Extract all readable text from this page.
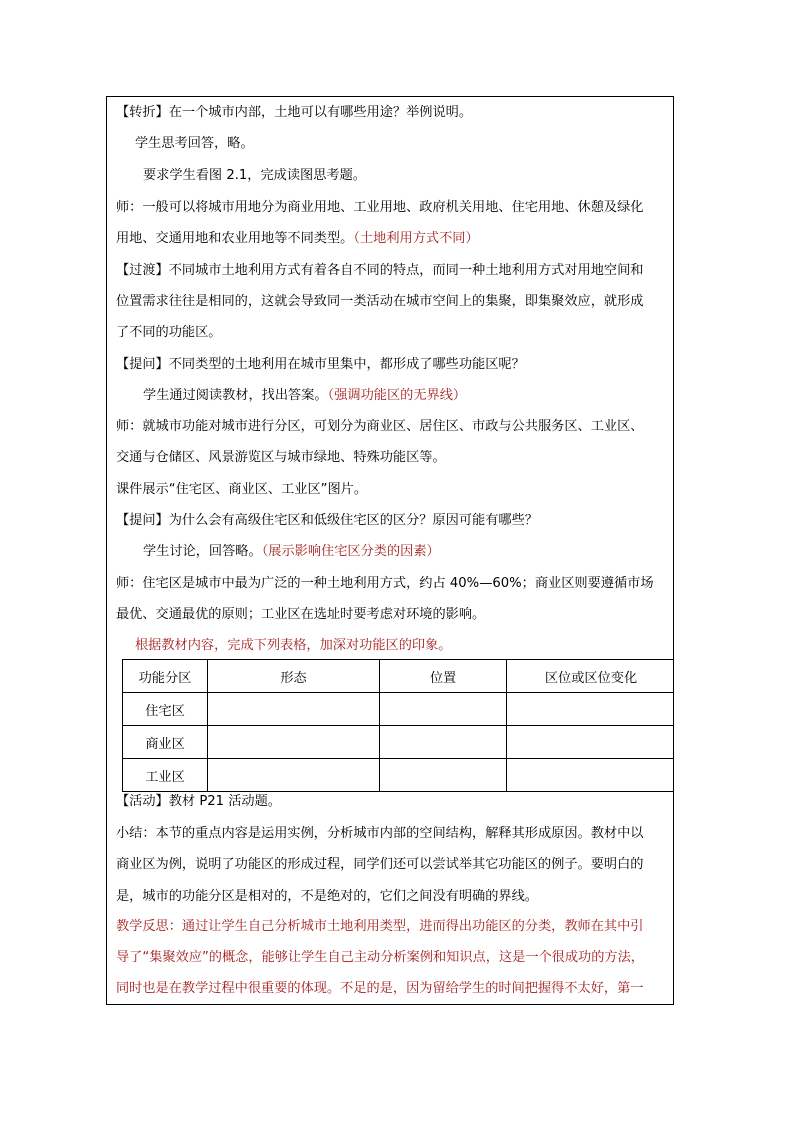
【转折】在一个城市内部，土地可以有哪些用途？举例说明。
学生思考回答，略。
要求学生看图 2.1，完成读图思考题。
师：一般可以将城市用地分为商业用地、工业用地、政府机关用地、住宅用地、休憩及绿化
用地、交通用地和农业用地等不同类型。（土地利用方式不同）
【过渡】不同城市土地利用方式有着各自不同的特点，而同一种土地利用方式对用地空间和
位置需求往往是相同的，这就会导致同一类活动在城市空间上的集聚，即集聚效应，就形成
了不同的功能区。
【提问】不同类型的土地利用在城市里集中，都形成了哪些功能区呢？
学生通过阅读教材，找出答案。（强调功能区的无界线）
师：就城市功能对城市进行分区，可划分为商业区、居住区、市政与公共服务区、工业区、
交通与仓储区、风景游览区与城市绿地、特殊功能区等。
课件展示“住宅区、商业区、工业区”图片。
【提问】为什么会有高级住宅区和低级住宅区的区分？原因可能有哪些？
学生讨论，回答略。（展示影响住宅区分类的因素）
师：住宅区是城市中最为广泛的一种土地利用方式，约占 40%—60%；商业区则要遵循市场
最优、交通最优的原则；工业区在选址时要考虑对环境的影响。
根据教材内容，完成下列表格，加深对功能区的印象。
功能分区	形态	位置	区位或区位变化
住宅区			
商业区			
工业区			
【活动】教材 P21 活动题。
小结：本节的重点内容是运用实例，分析城市内部的空间结构，解释其形成原因。教材中以
商业区为例，说明了功能区的形成过程，同学们还可以尝试举其它功能区的例子。要明白的
是，城市的功能分区是相对的，不是绝对的，它们之间没有明确的界线。
教学反思：通过让学生自己分析城市土地利用类型，进而得出功能区的分类，教师在其中引
导了“集聚效应”的概念，能够让学生自己主动分析案例和知识点，这是一个很成功的方法，
同时也是在教学过程中很重要的体现。不足的是，因为留给学生的时间把握得不太好，第一
